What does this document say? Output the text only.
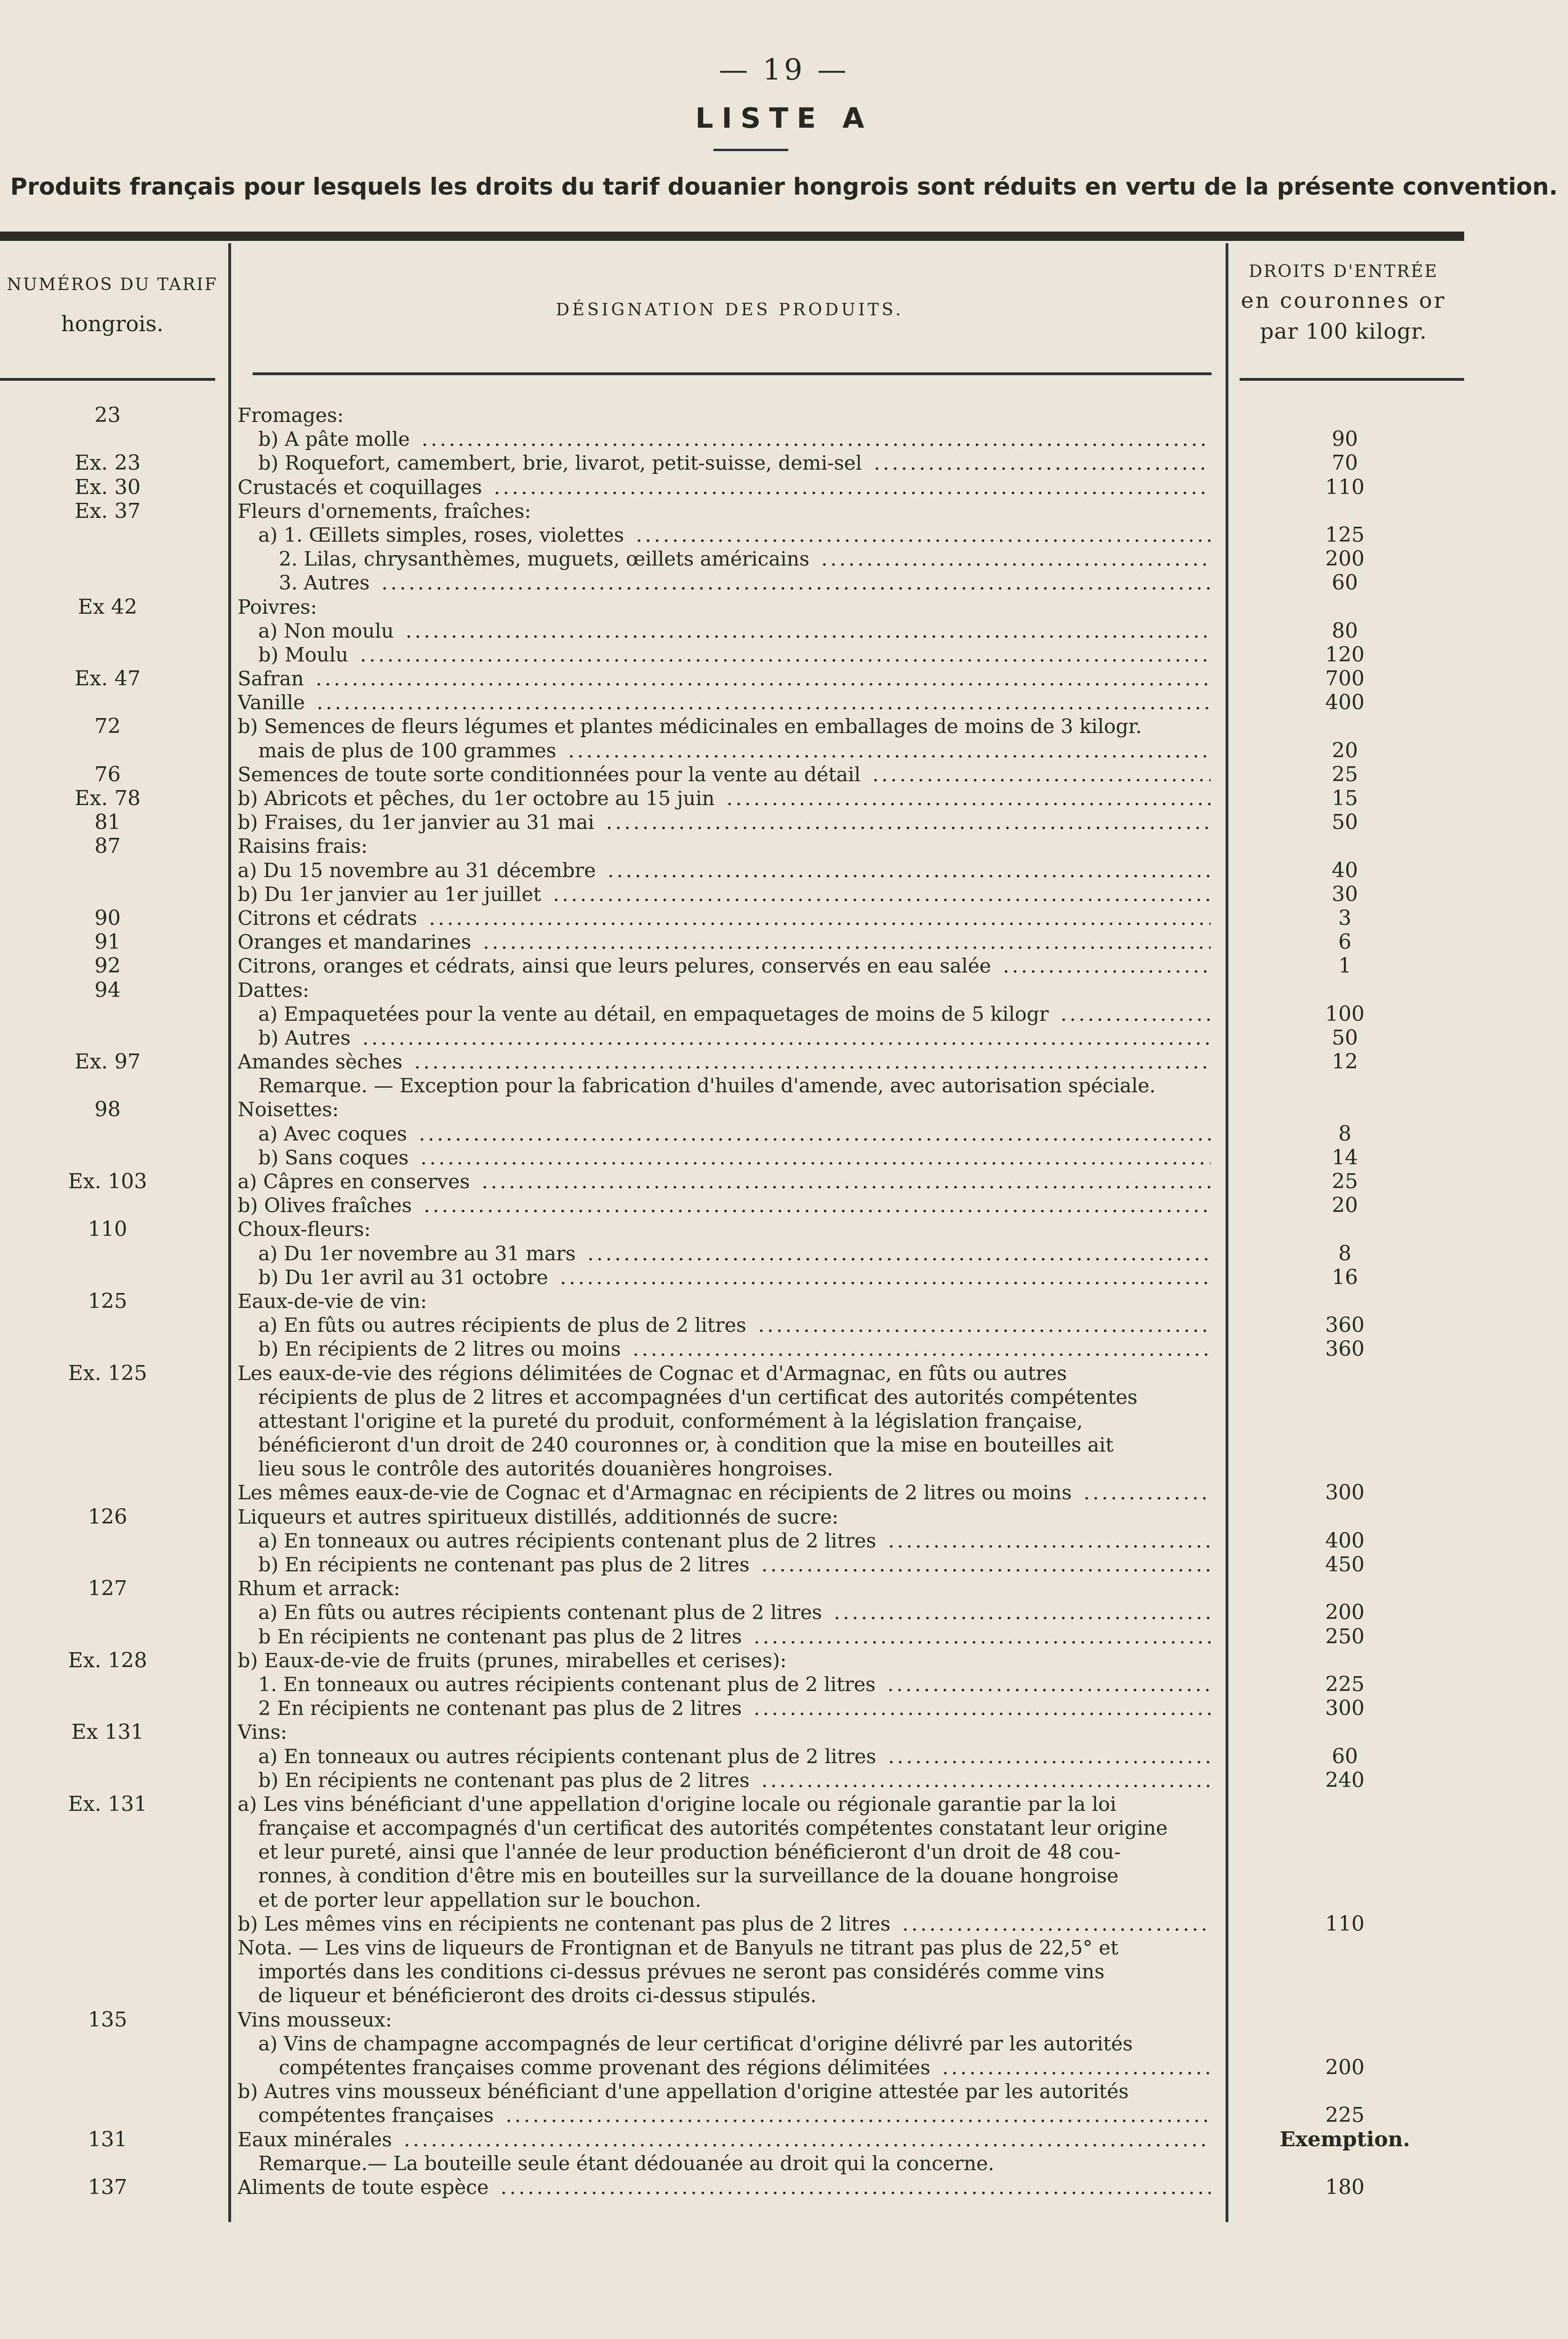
— 19 —
LISTE A
Produits français pour lesquels les droits du tarif douanier hongrois sont réduits en vertu de la présente convention.
NUMÉROS DU TARIF
hongrois.
DÉSIGNATION DES PRODUITS.
DROITS D'ENTRÉE
en couronnes or
par 100 kilogr.
23	Fromages:
b) A pâte molle .....	90
Ex. 23	b) Roquefort, camembert, brie, livarot, petit-suisse, demi-sel .....	70
Ex. 30	Crustacés et coquillages .....	110
Ex. 37	Fleurs d'ornements, fraîches:
a) 1. Œillets simples, roses, violettes .....	125
2. Lilas, chrysanthèmes, muguets, œillets américains .....	200
3. Autres .....	60
Ex 42	Poivres:
a) Non moulu .....	80
b) Moulu .....	120
Ex. 47	Safran .....	700
Vanille .....	400
72	b) Semences de fleurs légumes et plantes médicinales en emballages de moins de 3 kilogr.
mais de plus de 100 grammes .....	20
76	Semences de toute sorte conditionnées pour la vente au détail .....	25
Ex. 78	b) Abricots et pêches, du 1er octobre au 15 juin .....	15
81	b) Fraises, du 1er janvier au 31 mai .....	50
87	Raisins frais:
a) Du 15 novembre au 31 décembre .....	40
b) Du 1er janvier au 1er juillet .....	30
90	Citrons et cédrats .....	3
91	Oranges et mandarines .....	6
92	Citrons, oranges et cédrats, ainsi que leurs pelures, conservés en eau salée .....	1
94	Dattes:
a) Empaquetées pour la vente au détail, en empaquetages de moins de 5 kilogr .....	100
b) Autres .....	50
Ex. 97	Amandes sèches .....	12
Remarque. — Exception pour la fabrication d'huiles d'amende, avec autorisation spéciale.
98	Noisettes:
a) Avec coques .....	8
b) Sans coques .....	14
Ex. 103	a) Câpres en conserves .....	25
b) Olives fraîches .....	20
110	Choux-fleurs:
a) Du 1er novembre au 31 mars .....	8
b) Du 1er avril au 31 octobre .....	16
125	Eaux-de-vie de vin:
a) En fûts ou autres récipients de plus de 2 litres .....	360
b) En récipients de 2 litres ou moins .....	360
Ex. 125	Les eaux-de-vie des régions délimitées de Cognac et d'Armagnac, en fûts ou autres
récipients de plus de 2 litres et accompagnées d'un certificat des autorités compétentes
attestant l'origine et la pureté du produit, conformément à la législation française,
bénéficieront d'un droit de 240 couronnes or, à condition que la mise en bouteilles ait
lieu sous le contrôle des autorités douanières hongroises.
Les mêmes eaux-de-vie de Cognac et d'Armagnac en récipients de 2 litres ou moins .....	300
126	Liqueurs et autres spiritueux distillés, additionnés de sucre:
a) En tonneaux ou autres récipients contenant plus de 2 litres .....	400
b) En récipients ne contenant pas plus de 2 litres .....	450
127	Rhum et arrack:
a) En fûts ou autres récipients contenant plus de 2 litres .....	200
b En récipients ne contenant pas plus de 2 litres .....	250
Ex. 128	b) Eaux-de-vie de fruits (prunes, mirabelles et cerises):
1. En tonneaux ou autres récipients contenant plus de 2 litres .....	225
2 En récipients ne contenant pas plus de 2 litres .....	300
Ex 131	Vins:
a) En tonneaux ou autres récipients contenant plus de 2 litres .....	60
b) En récipients ne contenant pas plus de 2 litres .....	240
Ex. 131	a) Les vins bénéficiant d'une appellation d'origine locale ou régionale garantie par la loi
française et accompagnés d'un certificat des autorités compétentes constatant leur origine
et leur pureté, ainsi que l'année de leur production bénéficieront d'un droit de 48 cou-
ronnes, à condition d'être mis en bouteilles sur la surveillance de la douane hongroise
et de porter leur appellation sur le bouchon.
b) Les mêmes vins en récipients ne contenant pas plus de 2 litres .....	110
Nota. — Les vins de liqueurs de Frontignan et de Banyuls ne titrant pas plus de 22,5° et
importés dans les conditions ci-dessus prévues ne seront pas considérés comme vins
de liqueur et bénéficieront des droits ci-dessus stipulés.
135	Vins mousseux:
a) Vins de champagne accompagnés de leur certificat d'origine délivré par les autorités
compétentes françaises comme provenant des régions délimitées .....	200
b) Autres vins mousseux bénéficiant d'une appellation d'origine attestée par les autorités
compétentes françaises .....	225
131	Eaux minérales .....	Exemption.
Remarque.— La bouteille seule étant dédouanée au droit qui la concerne.
137	Aliments de toute espèce .....	180
